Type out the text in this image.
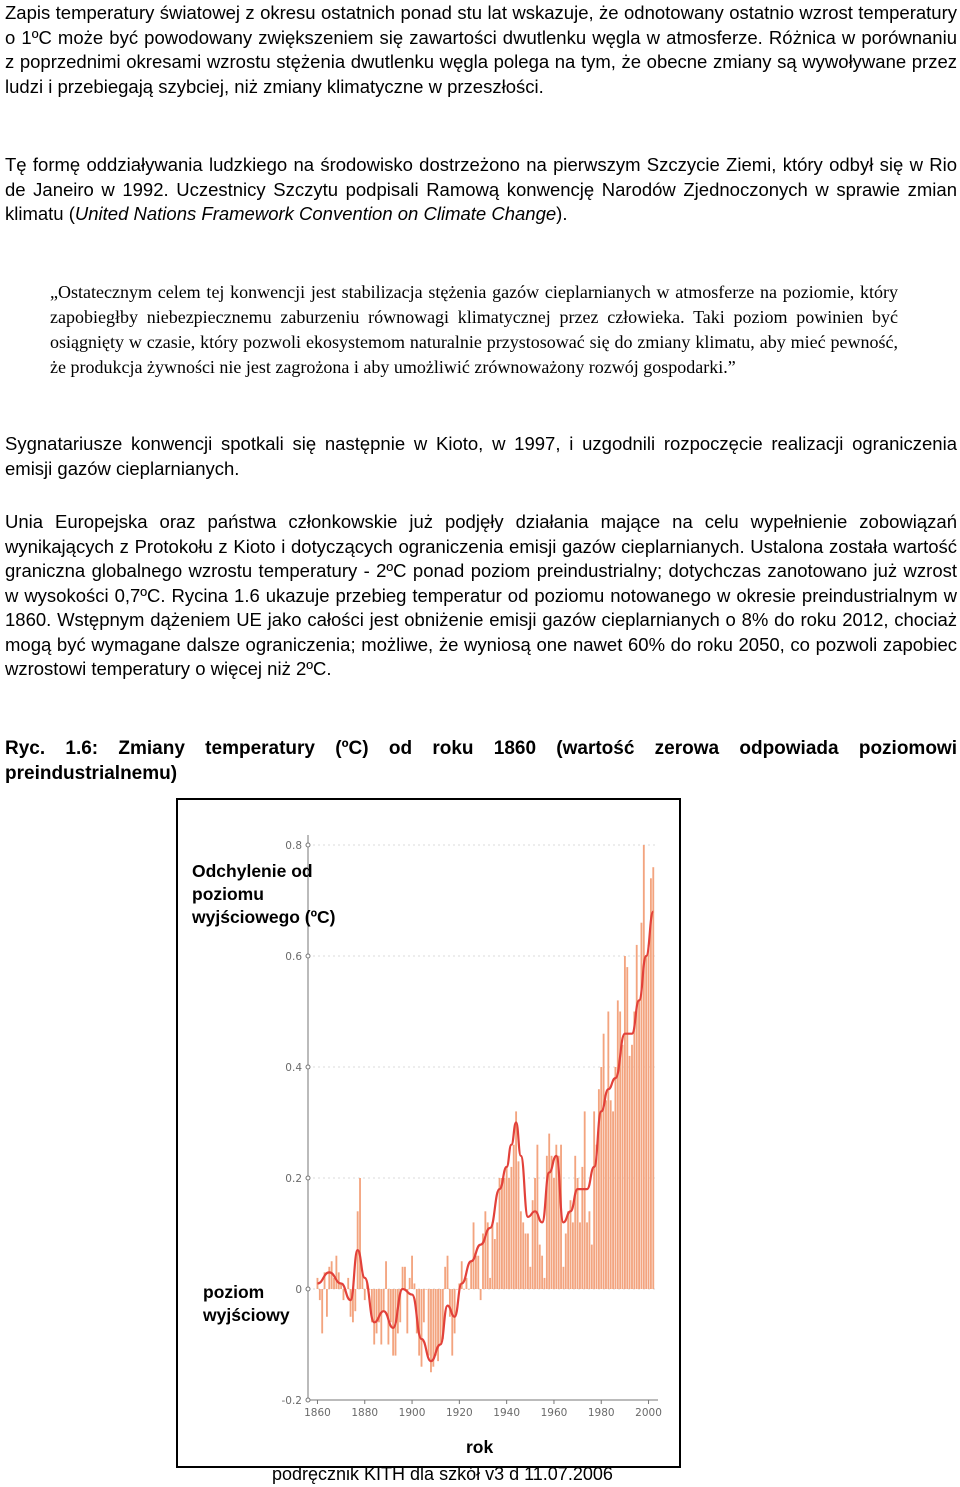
Zapis temperatury światowej z okresu ostatnich ponad stu lat wskazuje, że odnotowany ostatnio wzrost temperatury o 1ºC może być powodowany zwiększeniem się zawartości dwutlenku węgla w atmosferze. Różnica w porównaniu z poprzednimi okresami wzrostu stężenia dwutlenku węgla polega na tym, że obecne zmiany są wywoływane przez ludzi i przebiegają szybciej, niż zmiany klimatyczne w przeszłości.

Tę formę oddziaływania ludzkiego na środowisko dostrzeżono na pierwszym Szczycie Ziemi, który odbył się w Rio de Janeiro w 1992. Uczestnicy Szczytu podpisali Ramową konwencję Narodów Zjednoczonych w sprawie zmian klimatu (United Nations Framework Convention on Climate Change).

„Ostatecznym celem tej konwencji jest stabilizacja stężenia gazów cieplarnianych w atmosferze na poziomie, który zapobiegłby niebezpiecznemu zaburzeniu równowagi klimatycznej przez człowieka. Taki poziom powinien być osiągnięty w czasie, który pozwoli ekosystemom naturalnie przystosować się do zmiany klimatu, aby mieć pewność, że produkcja żywności nie jest zagrożona i aby umożliwić zrównoważony rozwój gospodarki.”

Sygnatariusze konwencji spotkali się następnie w Kioto, w 1997, i uzgodnili rozpoczęcie realizacji ograniczenia emisji gazów cieplarnianych.

Unia Europejska oraz państwa członkowskie już podjęły działania mające na celu wypełnienie zobowiązań wynikających z Protokołu z Kioto i dotyczących ograniczenia emisji gazów cieplarnianych. Ustalona została wartość graniczna globalnego wzrostu temperatury - 2ºC ponad poziom preindustrialny; dotychczas zanotowano już wzrost w wysokości 0,7ºC. Rycina 1.6 ukazuje przebieg temperatur od poziomu notowanego w okresie preindustrialnym w 1860. Wstępnym dążeniem UE jako całości jest obniżenie emisji gazów cieplarnianych o 8% do roku 2012, chociaż mogą być wymagane dalsze ograniczenia; możliwe, że wyniosą one nawet 60% do roku 2050, co pozwoli zapobiec wzrostowi temperatury o więcej niż 2ºC.

Ryc. 1.6: Zmiany temperatury (ºC) od roku 1860 (wartość zerowa odpowiada poziomowi preindustrialnemu)

0.8
0.6
0.4
0.2
0
-0.2
1860 1880 1900 1920 1940 1960 1980 2000
Odchylenie od poziomu wyjściowego (ºC)
poziom wyjściowy
rok
podręcznik KITH dla szkół v3 d 11.07.2006
